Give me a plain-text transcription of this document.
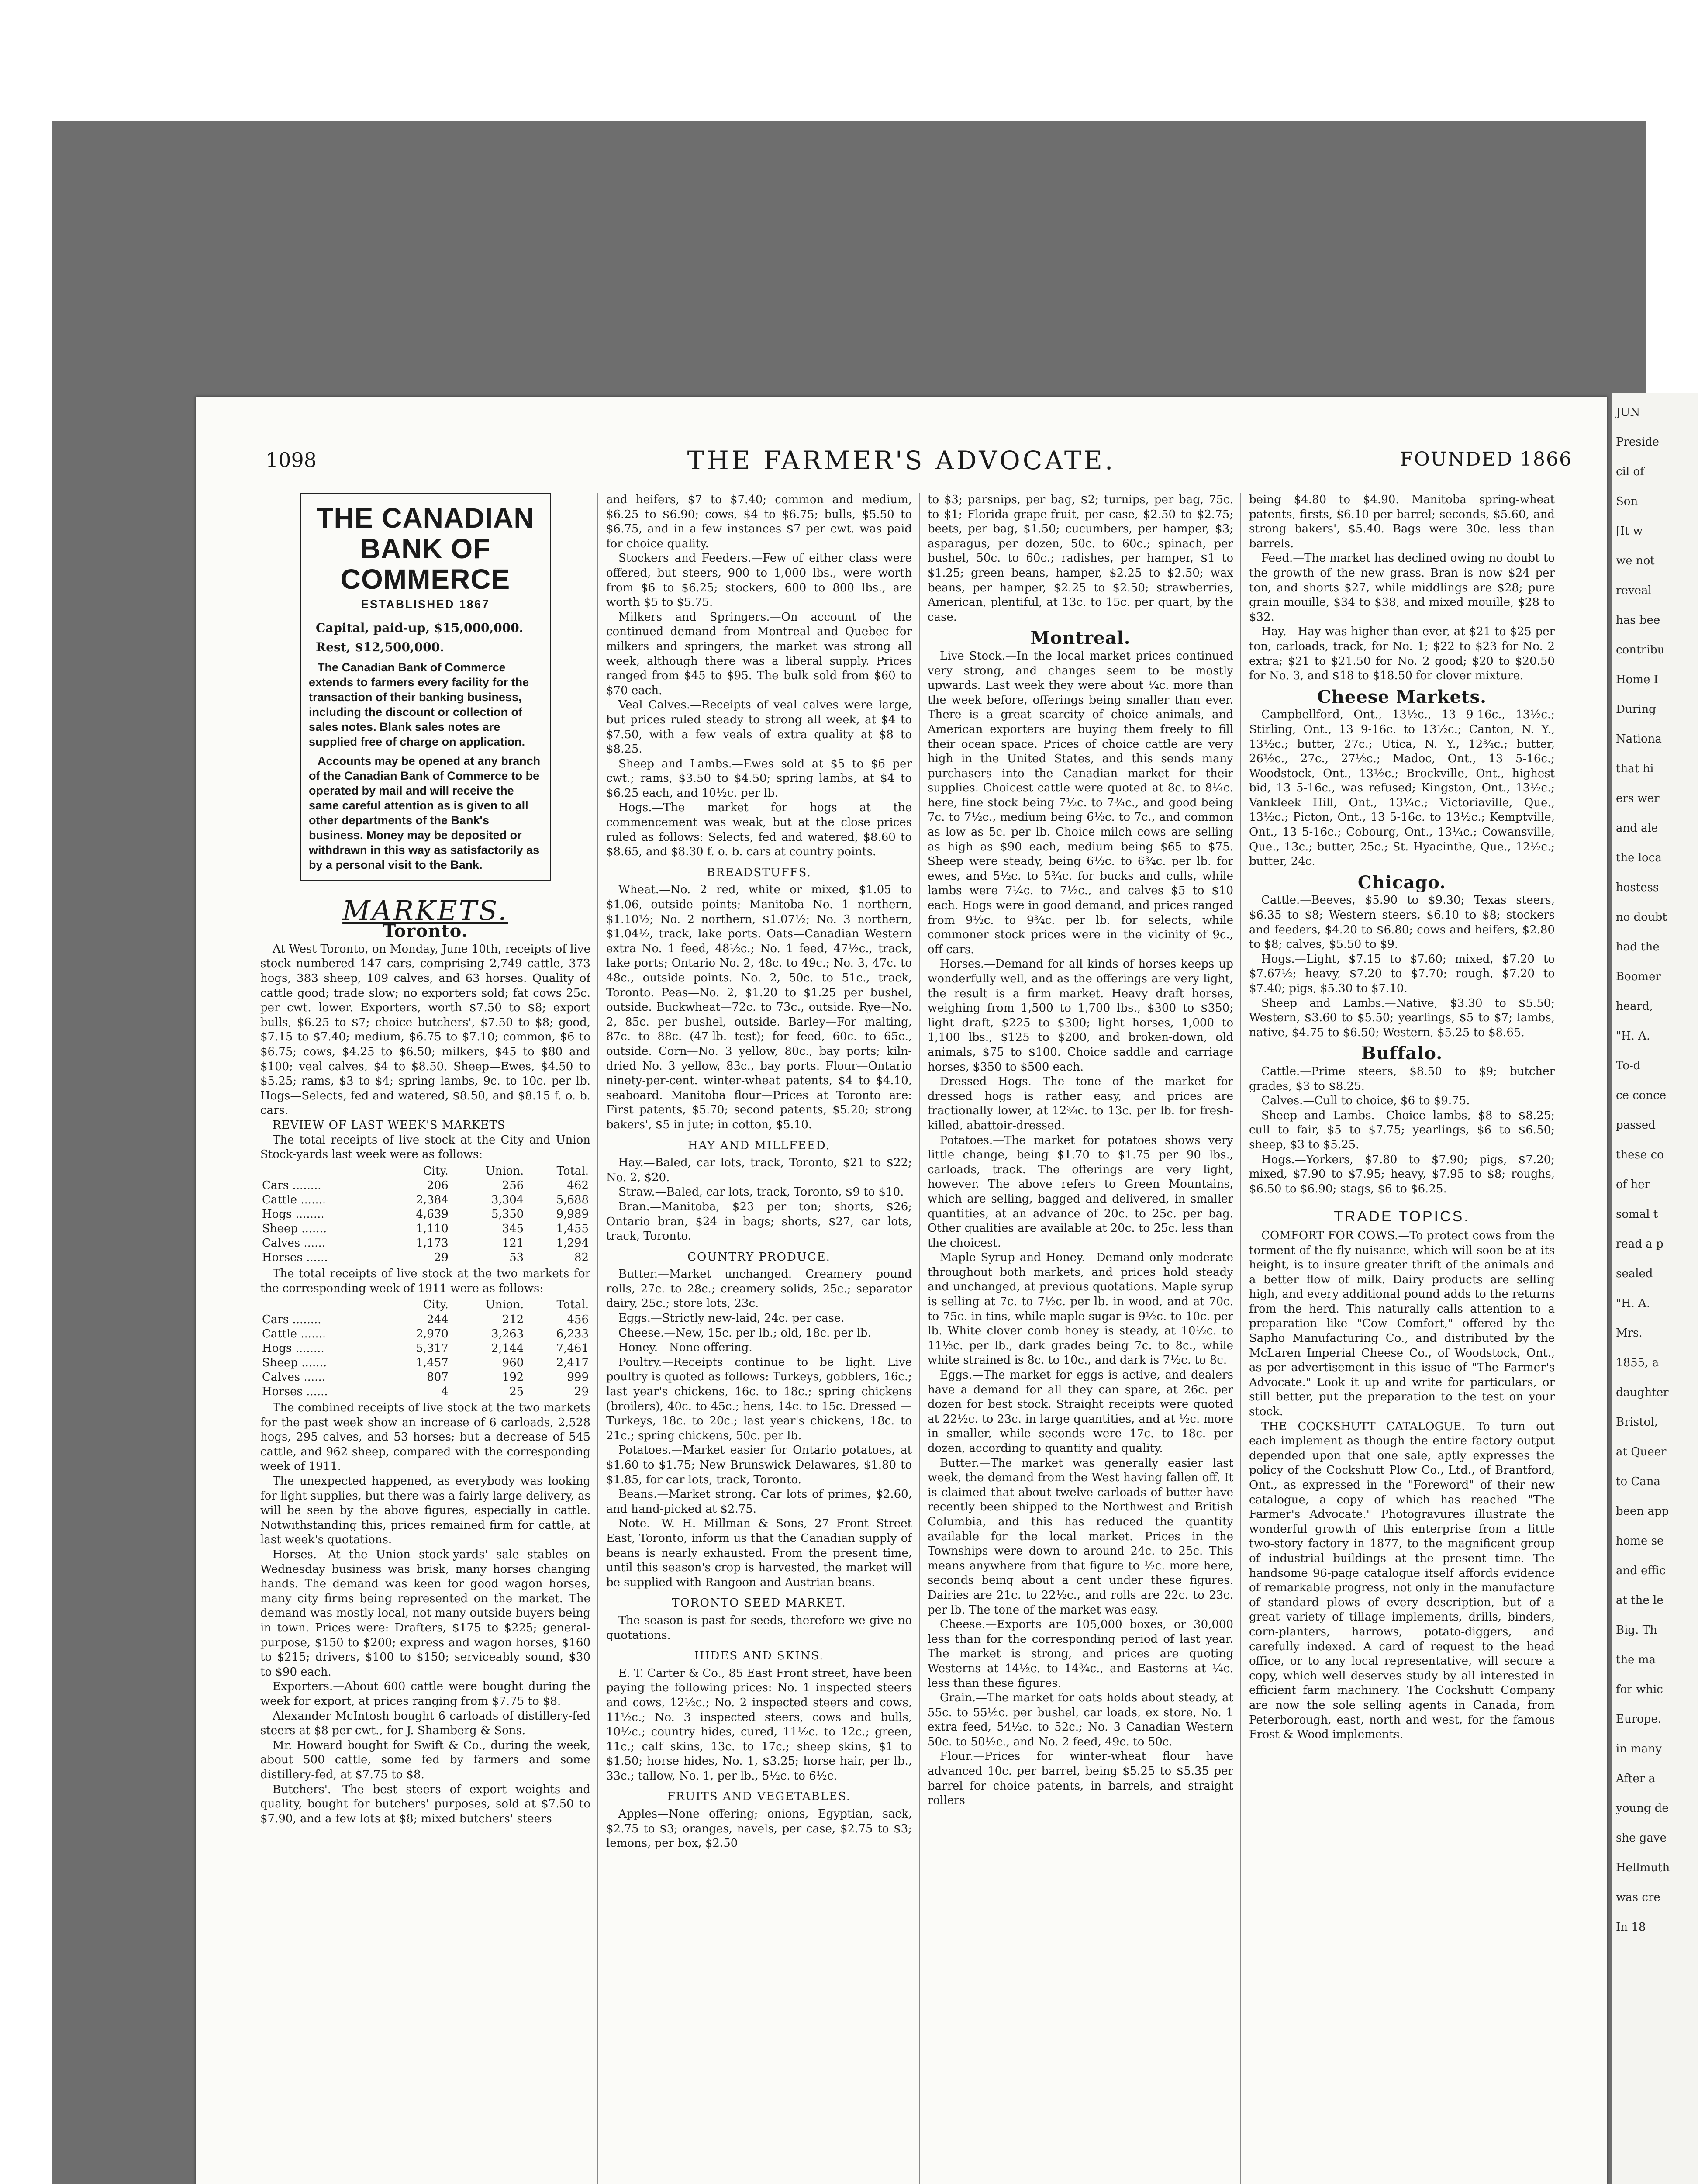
JUN
Preside
cil of
Son
[It w
we not
reveal
has bee
contribu
Home I
During
Nationa
that hi
ers wer
and ale
the loca
hostess
no doubt
had the
Boomer
heard,
"H. A.
To-d
ce conce
passed
these co
of her
somal t
read a p
sealed
"H. A.
Mrs.
1855, a
daughter
Bristol,
at Queer
to Cana
been app
home se
and effic
at the le
Big. Th
the ma
for whic
Europe.
in many
After a
young de
she gave
Hellmuth
was cre
In 18
1098	THE FARMER'S ADVOCATE.	FOUNDED 1866
THE CANADIAN BANK OF COMMERCE
ESTABLISHED 1867

Capital, paid-up, $15,000,000.

Rest, $12,500,000.

The Canadian Bank of Commerce extends to farmers every facility for the transaction of their banking business, including the discount or collection of sales notes. Blank sales notes are supplied free of charge on application.

Accounts may be opened at any branch of the Canadian Bank of Commerce to be operated by mail and will receive the same careful attention as is given to all other departments of the Bank's business. Money may be deposited or withdrawn in this way as satisfactorily as by a personal visit to the Bank.

MARKETS.
Toronto.

At West Toronto, on Monday, June 10th, receipts of live stock numbered 147 cars, comprising 2,749 cattle, 373 hogs, 383 sheep, 109 calves, and 63 horses. Quality of cattle good; trade slow; no exporters sold; fat cows 25c. per cwt. lower. Exporters, worth $7.50 to $8; export bulls, $6.25 to $7; choice butchers', $7.50 to $8; good, $7.15 to $7.40; medium, $6.75 to $7.10; common, $6 to $6.75; cows, $4.25 to $6.50; milkers, $45 to $80 and $100; veal calves, $4 to $8.50. Sheep—Ewes, $4.50 to $5.25; rams, $3 to $4; spring lambs, 9c. to 10c. per lb. Hogs—Selects, fed and watered, $8.50, and $8.15 f. o. b. cars.

REVIEW OF LAST WEEK'S MARKETS

The total receipts of live stock at the City and Union Stock-yards last week were as follows:

	City.	Union.	Total.
Cars ........	206	256	462
Cattle .......	2,384	3,304	5,688
Hogs ........	4,639	5,350	9,989
Sheep .......	1,110	345	1,455
Calves ......	1,173	121	1,294
Horses ......	29	53	82

The total receipts of live stock at the two markets for the corresponding week of 1911 were as follows:

	City.	Union.	Total.
Cars ........	244	212	456
Cattle .......	2,970	3,263	6,233
Hogs ........	5,317	2,144	7,461
Sheep .......	1,457	960	2,417
Calves ......	807	192	999
Horses ......	4	25	29

The combined receipts of live stock at the two markets for the past week show an increase of 6 carloads, 2,528 hogs, 295 calves, and 53 horses; but a decrease of 545 cattle, and 962 sheep, compared with the corresponding week of 1911.

The unexpected happened, as everybody was looking for light supplies, but there was a fairly large delivery, as will be seen by the above figures, especially in cattle. Notwithstanding this, prices remained firm for cattle, at last week's quotations.

Horses.—At the Union stock-yards' sale stables on Wednesday business was brisk, many horses changing hands. The demand was keen for good wagon horses, many city firms being represented on the market. The demand was mostly local, not many outside buyers being in town. Prices were: Drafters, $175 to $225; general-purpose, $150 to $200; express and wagon horses, $160 to $215; drivers, $100 to $150; serviceably sound, $30 to $90 each.

Exporters.—About 600 cattle were bought during the week for export, at prices ranging from $7.75 to $8.

Alexander McIntosh bought 6 carloads of distillery-fed steers at $8 per cwt., for J. Shamberg & Sons.

Mr. Howard bought for Swift & Co., during the week, about 500 cattle, some fed by farmers and some distillery-fed, at $7.75 to $8.

Butchers'.—The best steers of export weights and quality, bought for butchers' purposes, sold at $7.50 to $7.90, and a few lots at $8; mixed butchers' steers

and heifers, $7 to $7.40; common and medium, $6.25 to $6.90; cows, $4 to $6.75; bulls, $5.50 to $6.75, and in a few instances $7 per cwt. was paid for choice quality.

Stockers and Feeders.—Few of either class were offered, but steers, 900 to 1,000 lbs., were worth from $6 to $6.25; stockers, 600 to 800 lbs., are worth $5 to $5.75.

Milkers and Springers.—On account of the continued demand from Montreal and Quebec for milkers and springers, the market was strong all week, although there was a liberal supply. Prices ranged from $45 to $95. The bulk sold from $60 to $70 each.

Veal Calves.—Receipts of veal calves were large, but prices ruled steady to strong all week, at $4 to $7.50, with a few veals of extra quality at $8 to $8.25.

Sheep and Lambs.—Ewes sold at $5 to $6 per cwt.; rams, $3.50 to $4.50; spring lambs, at $4 to $6.25 each, and 10½c. per lb.

Hogs.—The market for hogs at the commencement was weak, but at the close prices ruled as follows: Selects, fed and watered, $8.60 to $8.65, and $8.30 f. o. b. cars at country points.

BREADSTUFFS.

Wheat.—No. 2 red, white or mixed, $1.05 to $1.06, outside points; Manitoba No. 1 northern, $1.10½; No. 2 northern, $1.07½; No. 3 northern, $1.04½, track, lake ports. Oats—Canadian Western extra No. 1 feed, 48½c.; No. 1 feed, 47½c., track, lake ports; Ontario No. 2, 48c. to 49c.; No. 3, 47c. to 48c., outside points. No. 2, 50c. to 51c., track, Toronto. Peas—No. 2, $1.20 to $1.25 per bushel, outside. Buckwheat—72c. to 73c., outside. Rye—No. 2, 85c. per bushel, outside. Barley—For malting, 87c. to 88c. (47-lb. test); for feed, 60c. to 65c., outside. Corn—No. 3 yellow, 80c., bay ports; kiln-dried No. 3 yellow, 83c., bay ports. Flour—Ontario ninety-per-cent. winter-wheat patents, $4 to $4.10, seaboard. Manitoba flour—Prices at Toronto are: First patents, $5.70; second patents, $5.20; strong bakers', $5 in jute; in cotton, $5.10.

HAY AND MILLFEED.

Hay.—Baled, car lots, track, Toronto, $21 to $22; No. 2, $20.

Straw.—Baled, car lots, track, Toronto, $9 to $10.

Bran.—Manitoba, $23 per ton; shorts, $26; Ontario bran, $24 in bags; shorts, $27, car lots, track, Toronto.

COUNTRY PRODUCE.

Butter.—Market unchanged. Creamery pound rolls, 27c. to 28c.; creamery solids, 25c.; separator dairy, 25c.; store lots, 23c.

Eggs.—Strictly new-laid, 24c. per case.

Cheese.—New, 15c. per lb.; old, 18c. per lb.

Honey.—None offering.

Poultry.—Receipts continue to be light. Live poultry is quoted as follows: Turkeys, gobblers, 16c.; last year's chickens, 16c. to 18c.; spring chickens (broilers), 40c. to 45c.; hens, 14c. to 15c. Dressed —Turkeys, 18c. to 20c.; last year's chickens, 18c. to 21c.; spring chickens, 50c. per lb.

Potatoes.—Market easier for Ontario potatoes, at $1.60 to $1.75; New Brunswick Delawares, $1.80 to $1.85, for car lots, track, Toronto.

Beans.—Market strong. Car lots of primes, $2.60, and hand-picked at $2.75.

Note.—W. H. Millman & Sons, 27 Front Street East, Toronto, inform us that the Canadian supply of beans is nearly exhausted. From the present time, until this season's crop is harvested, the market will be supplied with Rangoon and Austrian beans.

TORONTO SEED MARKET.

The season is past for seeds, therefore we give no quotations.

HIDES AND SKINS.

E. T. Carter & Co., 85 East Front street, have been paying the following prices: No. 1 inspected steers and cows, 12½c.; No. 2 inspected steers and cows, 11½c.; No. 3 inspected steers, cows and bulls, 10½c.; country hides, cured, 11½c. to 12c.; green, 11c.; calf skins, 13c. to 17c.; sheep skins, $1 to $1.50; horse hides, No. 1, $3.25; horse hair, per lb., 33c.; tallow, No. 1, per lb., 5½c. to 6½c.

FRUITS AND VEGETABLES.

Apples—None offering; onions, Egyptian, sack, $2.75 to $3; oranges, navels, per case, $2.75 to $3; lemons, per box, $2.50

to $3; parsnips, per bag, $2; turnips, per bag, 75c. to $1; Florida grape-fruit, per case, $2.50 to $2.75; beets, per bag, $1.50; cucumbers, per hamper, $3; asparagus, per dozen, 50c. to 60c.; spinach, per bushel, 50c. to 60c.; radishes, per hamper, $1 to $1.25; green beans, hamper, $2.25 to $2.50; wax beans, per hamper, $2.25 to $2.50; strawberries, American, plentiful, at 13c. to 15c. per quart, by the case.

Montreal.

Live Stock.—In the local market prices continued very strong, and changes seem to be mostly upwards. Last week they were about ¼c. more than the week before, offerings being smaller than ever. There is a great scarcity of choice animals, and American exporters are buying them freely to fill their ocean space. Prices of choice cattle are very high in the United States, and this sends many purchasers into the Canadian market for their supplies. Choicest cattle were quoted at 8c. to 8¼c. here, fine stock being 7½c. to 7¾c., and good being 7c. to 7½c., medium being 6½c. to 7c., and common as low as 5c. per lb. Choice milch cows are selling as high as $90 each, medium being $65 to $75. Sheep were steady, being 6½c. to 6¾c. per lb. for ewes, and 5½c. to 5¾c. for bucks and culls, while lambs were 7¼c. to 7½c., and calves $5 to $10 each. Hogs were in good demand, and prices ranged from 9½c. to 9¾c. per lb. for selects, while commoner stock prices were in the vicinity of 9c., off cars.

Horses.—Demand for all kinds of horses keeps up wonderfully well, and as the offerings are very light, the result is a firm market. Heavy draft horses, weighing from 1,500 to 1,700 lbs., $300 to $350; light draft, $225 to $300; light horses, 1,000 to 1,100 lbs., $125 to $200, and broken-down, old animals, $75 to $100. Choice saddle and carriage horses, $350 to $500 each.

Dressed Hogs.—The tone of the market for dressed hogs is rather easy, and prices are fractionally lower, at 12¾c. to 13c. per lb. for fresh-killed, abattoir-dressed.

Potatoes.—The market for potatoes shows very little change, being $1.70 to $1.75 per 90 lbs., carloads, track. The offerings are very light, however. The above refers to Green Mountains, which are selling, bagged and delivered, in smaller quantities, at an advance of 20c. to 25c. per bag. Other qualities are available at 20c. to 25c. less than the choicest.

Maple Syrup and Honey.—Demand only moderate throughout both markets, and prices hold steady and unchanged, at previous quotations. Maple syrup is selling at 7c. to 7½c. per lb. in wood, and at 70c. to 75c. in tins, while maple sugar is 9½c. to 10c. per lb. White clover comb honey is steady, at 10½c. to 11½c. per lb., dark grades being 7c. to 8c., while white strained is 8c. to 10c., and dark is 7½c. to 8c.

Eggs.—The market for eggs is active, and dealers have a demand for all they can spare, at 26c. per dozen for best stock. Straight receipts were quoted at 22½c. to 23c. in large quantities, and at ½c. more in smaller, while seconds were 17c. to 18c. per dozen, according to quantity and quality.

Butter.—The market was generally easier last week, the demand from the West having fallen off. It is claimed that about twelve carloads of butter have recently been shipped to the Northwest and British Columbia, and this has reduced the quantity available for the local market. Prices in the Townships were down to around 24c. to 25c. This means anywhere from that figure to ½c. more here, seconds being about a cent under these figures. Dairies are 21c. to 22½c., and rolls are 22c. to 23c. per lb. The tone of the market was easy.

Cheese.—Exports are 105,000 boxes, or 30,000 less than for the corresponding period of last year. The market is strong, and prices are quoting Westerns at 14½c. to 14¾c., and Easterns at ¼c. less than these figures.

Grain.—The market for oats holds about steady, at 55c. to 55½c. per bushel, car loads, ex store, No. 1 extra feed, 54½c. to 52c.; No. 3 Canadian Western 50c. to 50½c., and No. 2 feed, 49c. to 50c.

Flour.—Prices for winter-wheat flour have advanced 10c. per barrel, being $5.25 to $5.35 per barrel for choice patents, in barrels, and straight rollers

being $4.80 to $4.90. Manitoba spring-wheat patents, firsts, $6.10 per barrel; seconds, $5.60, and strong bakers', $5.40. Bags were 30c. less than barrels.

Feed.—The market has declined owing no doubt to the growth of the new grass. Bran is now $24 per ton, and shorts $27, while middlings are $28; pure grain mouille, $34 to $38, and mixed mouille, $28 to $32.

Hay.—Hay was higher than ever, at $21 to $25 per ton, carloads, track, for No. 1; $22 to $23 for No. 2 extra; $21 to $21.50 for No. 2 good; $20 to $20.50 for No. 3, and $18 to $18.50 for clover mixture.

Cheese Markets.

Campbellford, Ont., 13½c., 13 9-16c., 13½c.; Stirling, Ont., 13 9-16c. to 13½c.; Canton, N. Y., 13½c.; butter, 27c.; Utica, N. Y., 12¾c.; butter, 26½c., 27c., 27½c.; Madoc, Ont., 13 5-16c.; Woodstock, Ont., 13½c.; Brockville, Ont., highest bid, 13 5-16c., was refused; Kingston, Ont., 13½c.; Vankleek Hill, Ont., 13¼c.; Victoriaville, Que., 13½c.; Picton, Ont., 13 5-16c. to 13½c.; Kemptville, Ont., 13 5-16c.; Cobourg, Ont., 13¼c.; Cowansville, Que., 13c.; butter, 25c.; St. Hyacinthe, Que., 12½c.; butter, 24c.

Chicago.

Cattle.—Beeves, $5.90 to $9.30; Texas steers, $6.35 to $8; Western steers, $6.10 to $8; stockers and feeders, $4.20 to $6.80; cows and heifers, $2.80 to $8; calves, $5.50 to $9.

Hogs.—Light, $7.15 to $7.60; mixed, $7.20 to $7.67½; heavy, $7.20 to $7.70; rough, $7.20 to $7.40; pigs, $5.30 to $7.10.

Sheep and Lambs.—Native, $3.30 to $5.50; Western, $3.60 to $5.50; yearlings, $5 to $7; lambs, native, $4.75 to $6.50; Western, $5.25 to $8.65.

Buffalo.

Cattle.—Prime steers, $8.50 to $9; butcher grades, $3 to $8.25.

Calves.—Cull to choice, $6 to $9.75.

Sheep and Lambs.—Choice lambs, $8 to $8.25; cull to fair, $5 to $7.75; yearlings, $6 to $6.50; sheep, $3 to $5.25.

Hogs.—Yorkers, $7.80 to $7.90; pigs, $7.20; mixed, $7.90 to $7.95; heavy, $7.95 to $8; roughs, $6.50 to $6.90; stags, $6 to $6.25.

TRADE TOPICS.

COMFORT FOR COWS.—To protect cows from the torment of the fly nuisance, which will soon be at its height, is to insure greater thrift of the animals and a better flow of milk. Dairy products are selling high, and every additional pound adds to the returns from the herd. This naturally calls attention to a preparation like "Cow Comfort," offered by the Sapho Manufacturing Co., and distributed by the McLaren Imperial Cheese Co., of Woodstock, Ont., as per advertisement in this issue of "The Farmer's Advocate." Look it up and write for particulars, or still better, put the preparation to the test on your stock.

THE COCKSHUTT CATALOGUE.—To turn out each implement as though the entire factory output depended upon that one sale, aptly expresses the policy of the Cockshutt Plow Co., Ltd., of Brantford, Ont., as expressed in the "Foreword" of their new catalogue, a copy of which has reached "The Farmer's Advocate." Photogravures illustrate the wonderful growth of this enterprise from a little two-story factory in 1877, to the magnificent group of industrial buildings at the present time. The handsome 96-page catalogue itself affords evidence of remarkable progress, not only in the manufacture of standard plows of every description, but of a great variety of tillage implements, drills, binders, corn-planters, harrows, potato-diggers, and carefully indexed. A card of request to the head office, or to any local representative, will secure a copy, which well deserves study by all interested in efficient farm machinery. The Cockshutt Company are now the sole selling agents in Canada, from Peterborough, east, north and west, for the famous Frost & Wood implements.
